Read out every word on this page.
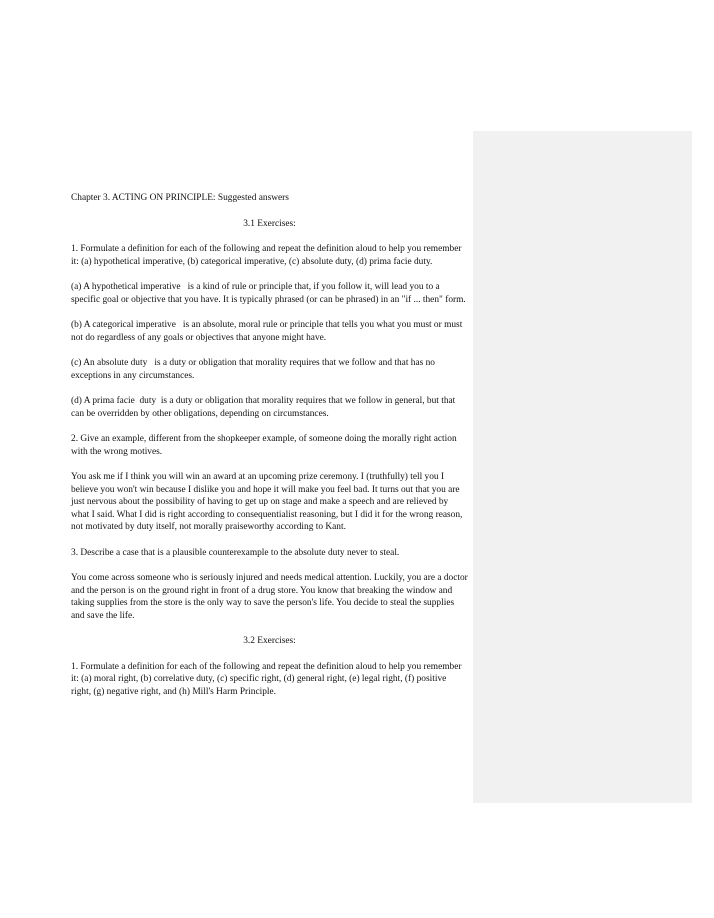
Chapter 3. ACTING ON PRINCIPLE: Suggested answers

3.1 Exercises:

1. Formulate a definition for each of the following and repeat the definition aloud to help you remember it: (a) hypothetical imperative, (b) categorical imperative, (c) absolute duty, (d) prima facie duty.

(a) A hypothetical imperative   is a kind of rule or principle that, if you follow it, will lead you to a specific goal or objective that you have. It is typically phrased (or can be phrased) in an "if ... then" form.

(b) A categorical imperative   is an absolute, moral rule or principle that tells you what you must or must not do regardless of any goals or objectives that anyone might have.

(c) An absolute duty   is a duty or obligation that morality requires that we follow and that has no exceptions in any circumstances.

(d) A prima facie  duty  is a duty or obligation that morality requires that we follow in general, but that can be overridden by other obligations, depending on circumstances.

2. Give an example, different from the shopkeeper example, of someone doing the morally right action with the wrong motives.

You ask me if I think you will win an award at an upcoming prize ceremony. I (truthfully) tell you I believe you won't win because I dislike you and hope it will make you feel bad. It turns out that you are just nervous about the possibility of having to get up on stage and make a speech and are relieved by what I said. What I did is right according to consequentialist reasoning, but I did it for the wrong reason, not motivated by duty itself, not morally praiseworthy according to Kant.

3. Describe a case that is a plausible counterexample to the absolute duty never to steal.

You come across someone who is seriously injured and needs medical attention. Luckily, you are a doctor and the person is on the ground right in front of a drug store. You know that breaking the window and taking supplies from the store is the only way to save the person's life. You decide to steal the supplies and save the life.

3.2 Exercises:

1. Formulate a definition for each of the following and repeat the definition aloud to help you remember it: (a) moral right, (b) correlative duty, (c) specific right, (d) general right, (e) legal right, (f) positive right, (g) negative right, and (h) Mill's Harm Principle.
